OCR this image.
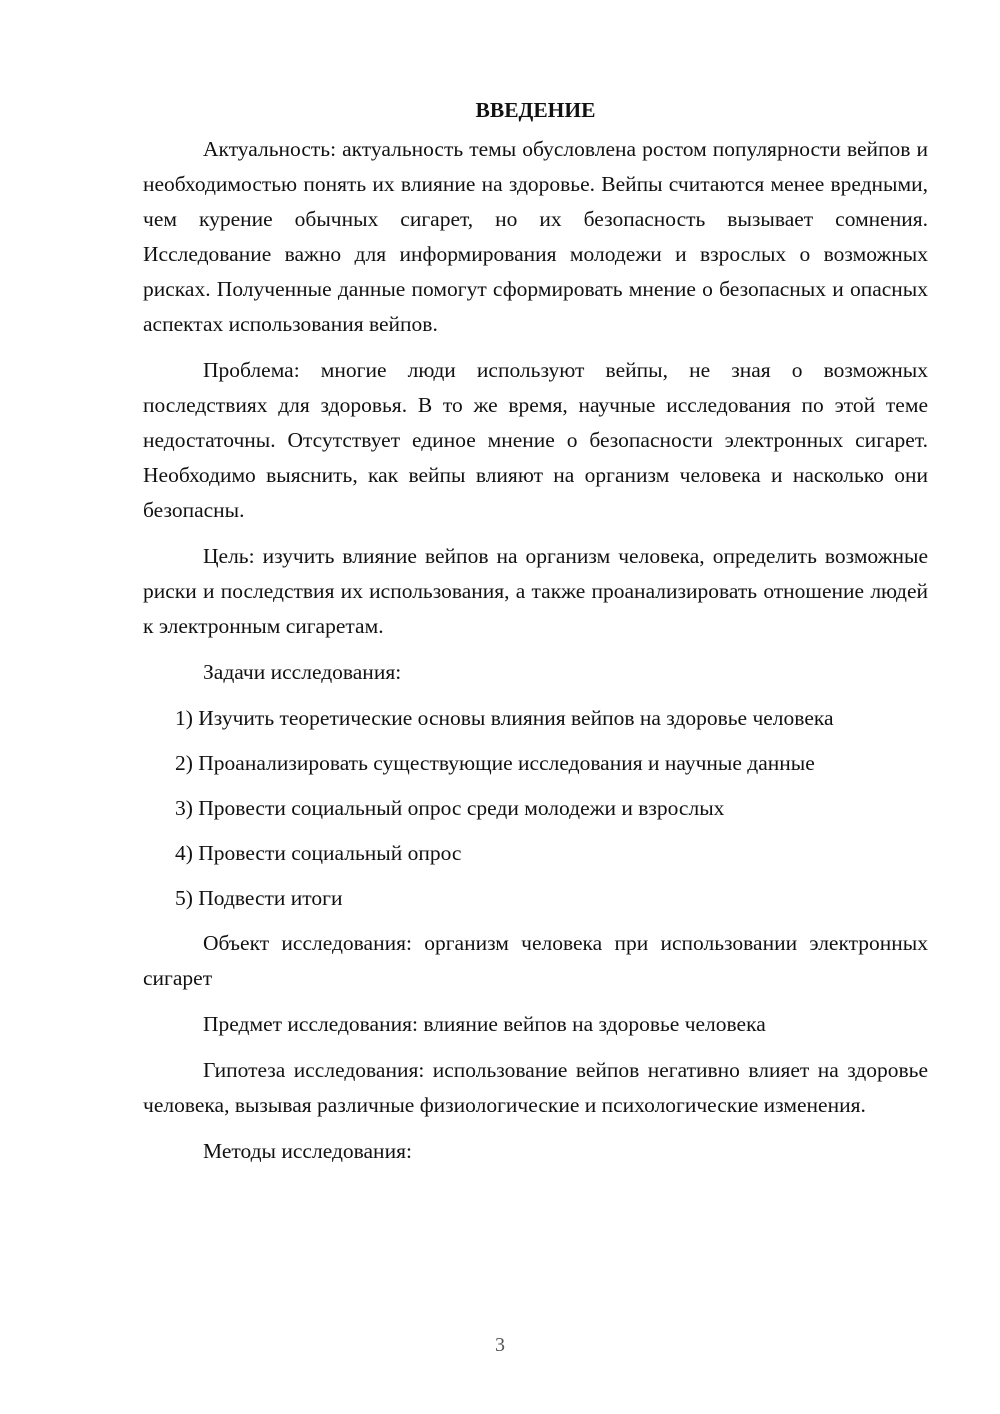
ВВЕДЕНИЕ

Актуальность: актуальность темы обусловлена ростом популярности вейпов и необходимостью понять их влияние на здоровье. Вейпы считаются менее вредными, чем курение обычных сигарет, но их безопасность вызывает сомнения. Исследование важно для информирования молодежи и взрослых о возможных рисках. Полученные данные помогут сформировать мнение о безопасных и опасных аспектах использования вейпов.

Проблема: многие люди используют вейпы, не зная о возможных последствиях для здоровья. В то же время, научные исследования по этой теме недостаточны. Отсутствует единое мнение о безопасности электронных сигарет. Необходимо выяснить, как вейпы влияют на организм человека и насколько они безопасны.

Цель: изучить влияние вейпов на организм человека, определить возможные риски и последствия их использования, а также проанализировать отношение людей к электронным сигаретам.

Задачи исследования:

1) Изучить теоретические основы влияния вейпов на здоровье человека

2) Проанализировать существующие исследования и научные данные

3) Провести социальный опрос среди молодежи и взрослых

4) Провести социальный опрос

5) Подвести итоги

Объект исследования: организм человека при использовании электронных сигарет

Предмет исследования: влияние вейпов на здоровье человека

Гипотеза исследования: использование вейпов негативно влияет на здоровье человека, вызывая различные физиологические и психологические изменения.

Методы исследования:

3
